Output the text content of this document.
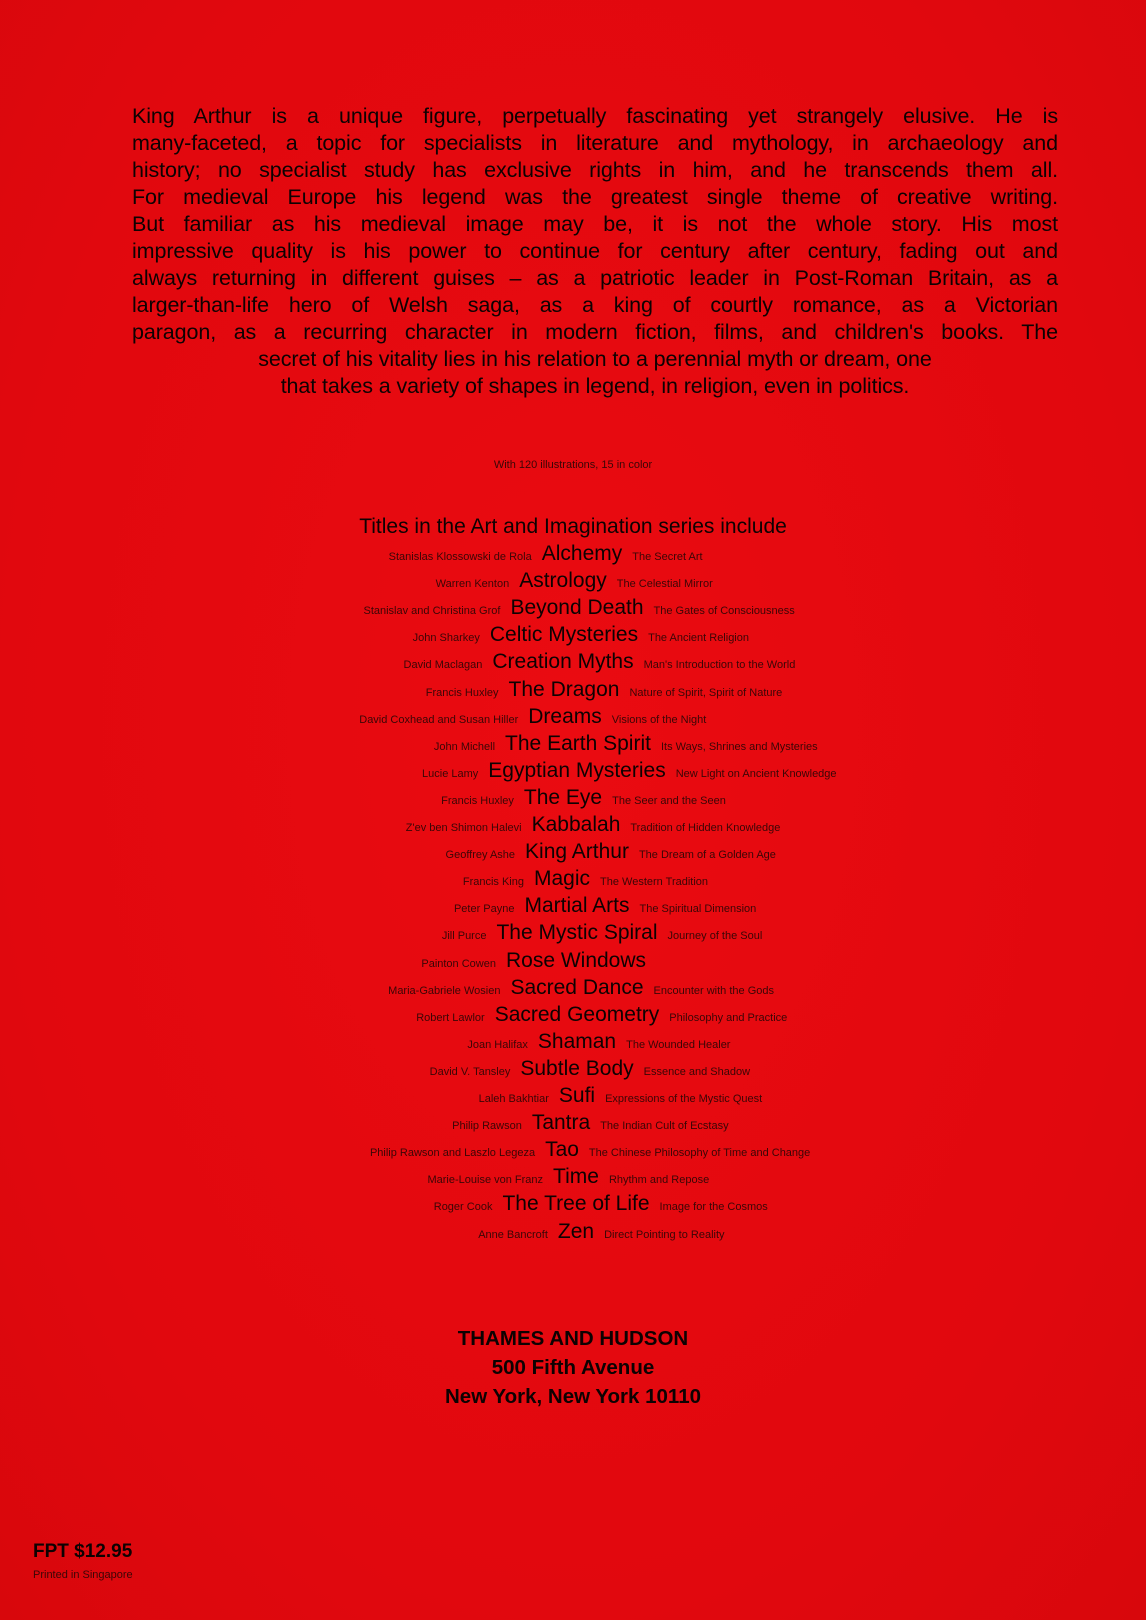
King Arthur is a unique figure, perpetually fascinating yet strangely elusive. He is
many-faceted, a topic for specialists in literature and mythology, in archaeology and
history; no specialist study has exclusive rights in him, and he transcends them all.
For medieval Europe his legend was the greatest single theme of creative writing.
But familiar as his medieval image may be, it is not the whole story. His most
impressive quality is his power to continue for century after century, fading out and
always returning in different guises – as a patriotic leader in Post-Roman Britain, as a
larger-than-life hero of Welsh saga, as a king of courtly romance, as a Victorian
paragon, as a recurring character in modern fiction, films, and children's books. The
secret of his vitality lies in his relation to a perennial myth or dream, one
that takes a variety of shapes in legend, in religion, even in politics.
With 120 illustrations, 15 in color
Titles in the Art and Imagination series include
Stanislas Klossowski de Rola Alchemy The Secret Art
Warren Kenton Astrology The Celestial Mirror
Stanislav and Christina Grof Beyond Death The Gates of Consciousness
John Sharkey Celtic Mysteries The Ancient Religion
David Maclagan Creation Myths Man's Introduction to the World
Francis Huxley The Dragon Nature of Spirit, Spirit of Nature
David Coxhead and Susan Hiller Dreams Visions of the Night
John Michell The Earth Spirit Its Ways, Shrines and Mysteries
Lucie Lamy Egyptian Mysteries New Light on Ancient Knowledge
Francis Huxley The Eye The Seer and the Seen
Z'ev ben Shimon Halevi Kabbalah Tradition of Hidden Knowledge
Geoffrey Ashe King Arthur The Dream of a Golden Age
Francis King Magic The Western Tradition
Peter Payne Martial Arts The Spiritual Dimension
Jill Purce The Mystic Spiral Journey of the Soul
Painton Cowen Rose Windows
Maria-Gabriele Wosien Sacred Dance Encounter with the Gods
Robert Lawlor Sacred Geometry Philosophy and Practice
Joan Halifax Shaman The Wounded Healer
David V. Tansley Subtle Body Essence and Shadow
Laleh Bakhtiar Sufi Expressions of the Mystic Quest
Philip Rawson Tantra The Indian Cult of Ecstasy
Philip Rawson and Laszlo Legeza Tao The Chinese Philosophy of Time and Change
Marie-Louise von Franz Time Rhythm and Repose
Roger Cook The Tree of Life Image for the Cosmos
Anne Bancroft Zen Direct Pointing to Reality
THAMES AND HUDSON
500 Fifth Avenue
New York, New York 10110
FPT $12.95
Printed in Singapore
